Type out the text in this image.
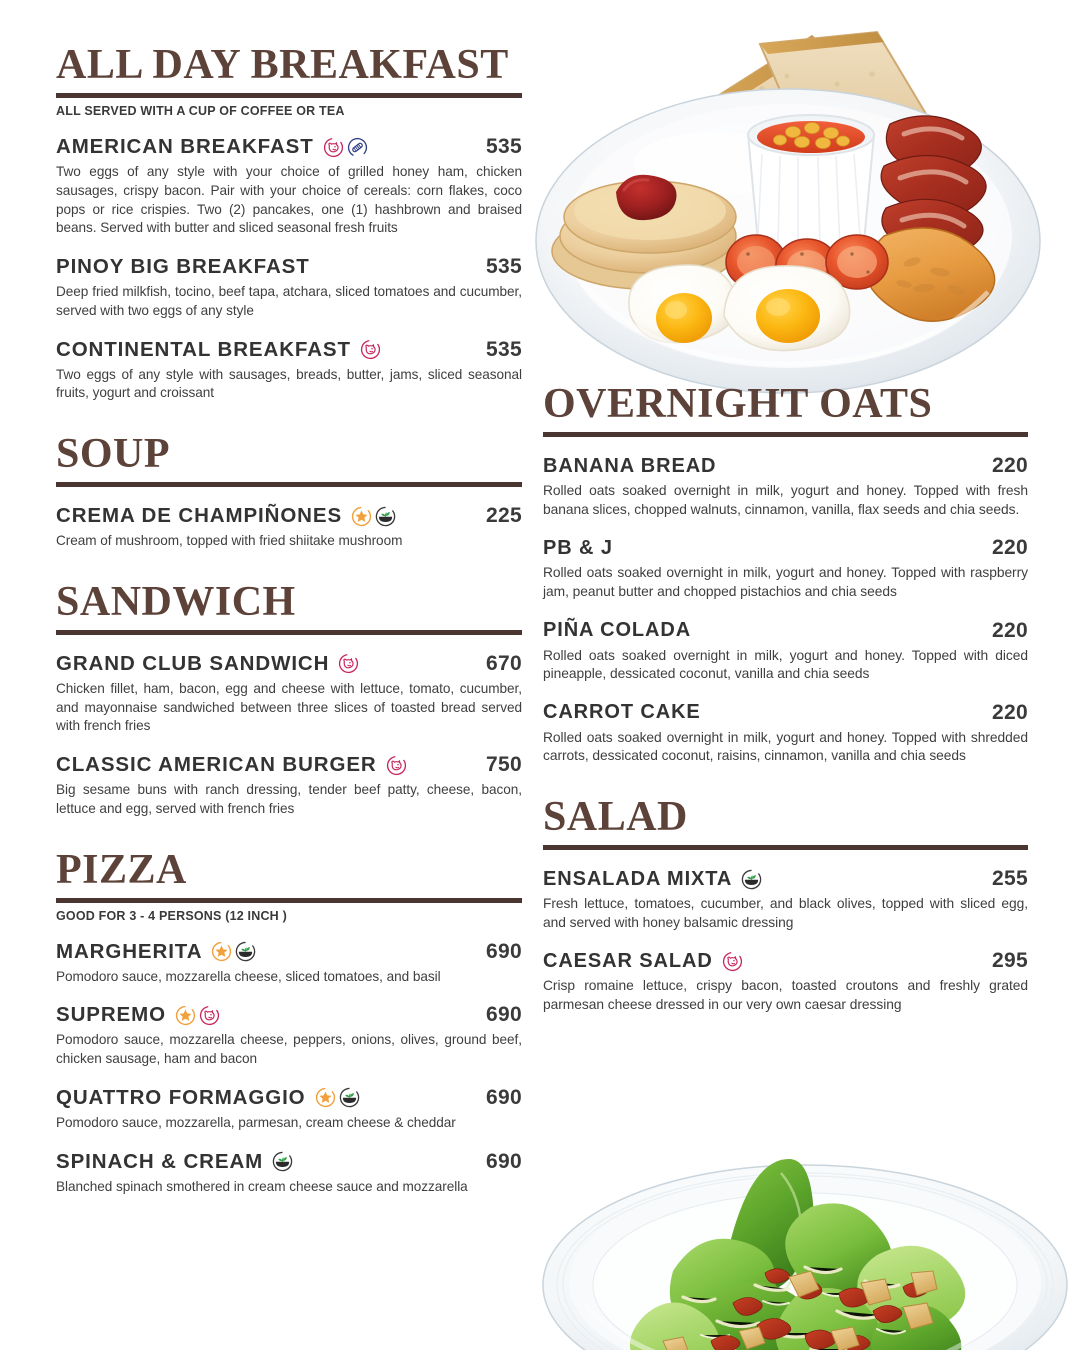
ALL DAY BREAKFAST
ALL SERVED WITH A CUP OF COFFEE OR TEA
AMERICAN BREAKFAST	535
Two eggs of any style with your choice of grilled honey ham, chicken sausages, crispy bacon. Pair with your choice of cereals: corn flakes, coco pops or rice crispies. Two (2) pancakes, one (1) hashbrown and braised beans. Served with butter and sliced seasonal fresh fruits
PINOY BIG BREAKFAST	535
Deep fried milkfish, tocino, beef tapa, atchara, sliced tomatoes and cucumber, served with two eggs of any style
CONTINENTAL BREAKFAST	535
Two eggs of any style with sausages, breads, butter, jams, sliced seasonal fruits, yogurt and croissant
SOUP
CREMA DE CHAMPIÑONES	225
Cream of mushroom, topped with fried shiitake mushroom
SANDWICH
GRAND CLUB SANDWICH	670
Chicken fillet, ham, bacon, egg and cheese with lettuce, tomato, cucumber, and mayonnaise sandwiched between three slices of toasted bread served with french fries
CLASSIC AMERICAN BURGER	750
Big sesame buns with ranch dressing, tender beef patty, cheese, bacon, lettuce and egg, served with french fries
PIZZA
GOOD FOR 3 - 4 PERSONS (12 INCH )
MARGHERITA	690
Pomodoro sauce, mozzarella cheese, sliced tomatoes, and basil
SUPREMO	690
Pomodoro sauce, mozzarella cheese, peppers, onions, olives, ground beef, chicken sausage, ham and bacon
QUATTRO FORMAGGIO	690
Pomodoro sauce, mozzarella, parmesan, cream cheese & cheddar
SPINACH & CREAM	690
Blanched spinach smothered in cream cheese sauce and mozzarella
OVERNIGHT OATS
BANANA BREAD	220
Rolled oats soaked overnight in milk, yogurt and honey. Topped with fresh banana slices, chopped walnuts, cinnamon, vanilla, flax seeds and chia seeds.
PB & J	220
Rolled oats soaked overnight in milk, yogurt and honey. Topped with raspberry jam, peanut butter and chopped pistachios and chia seeds
PIÑA COLADA	220
Rolled oats soaked overnight in milk, yogurt and honey. Topped with diced pineapple, dessicated coconut, vanilla and chia seeds
CARROT CAKE	220
Rolled oats soaked overnight in milk, yogurt and honey. Topped with shredded carrots, dessicated coconut, raisins, cinnamon, vanilla and chia seeds
SALAD
ENSALADA MIXTA	255
Fresh lettuce, tomatoes, cucumber, and black olives, topped with sliced egg, and served with honey balsamic dressing
CAESAR SALAD	295
Crisp romaine lettuce, crispy bacon, toasted croutons and freshly grated parmesan cheese dressed in our very own caesar dressing
